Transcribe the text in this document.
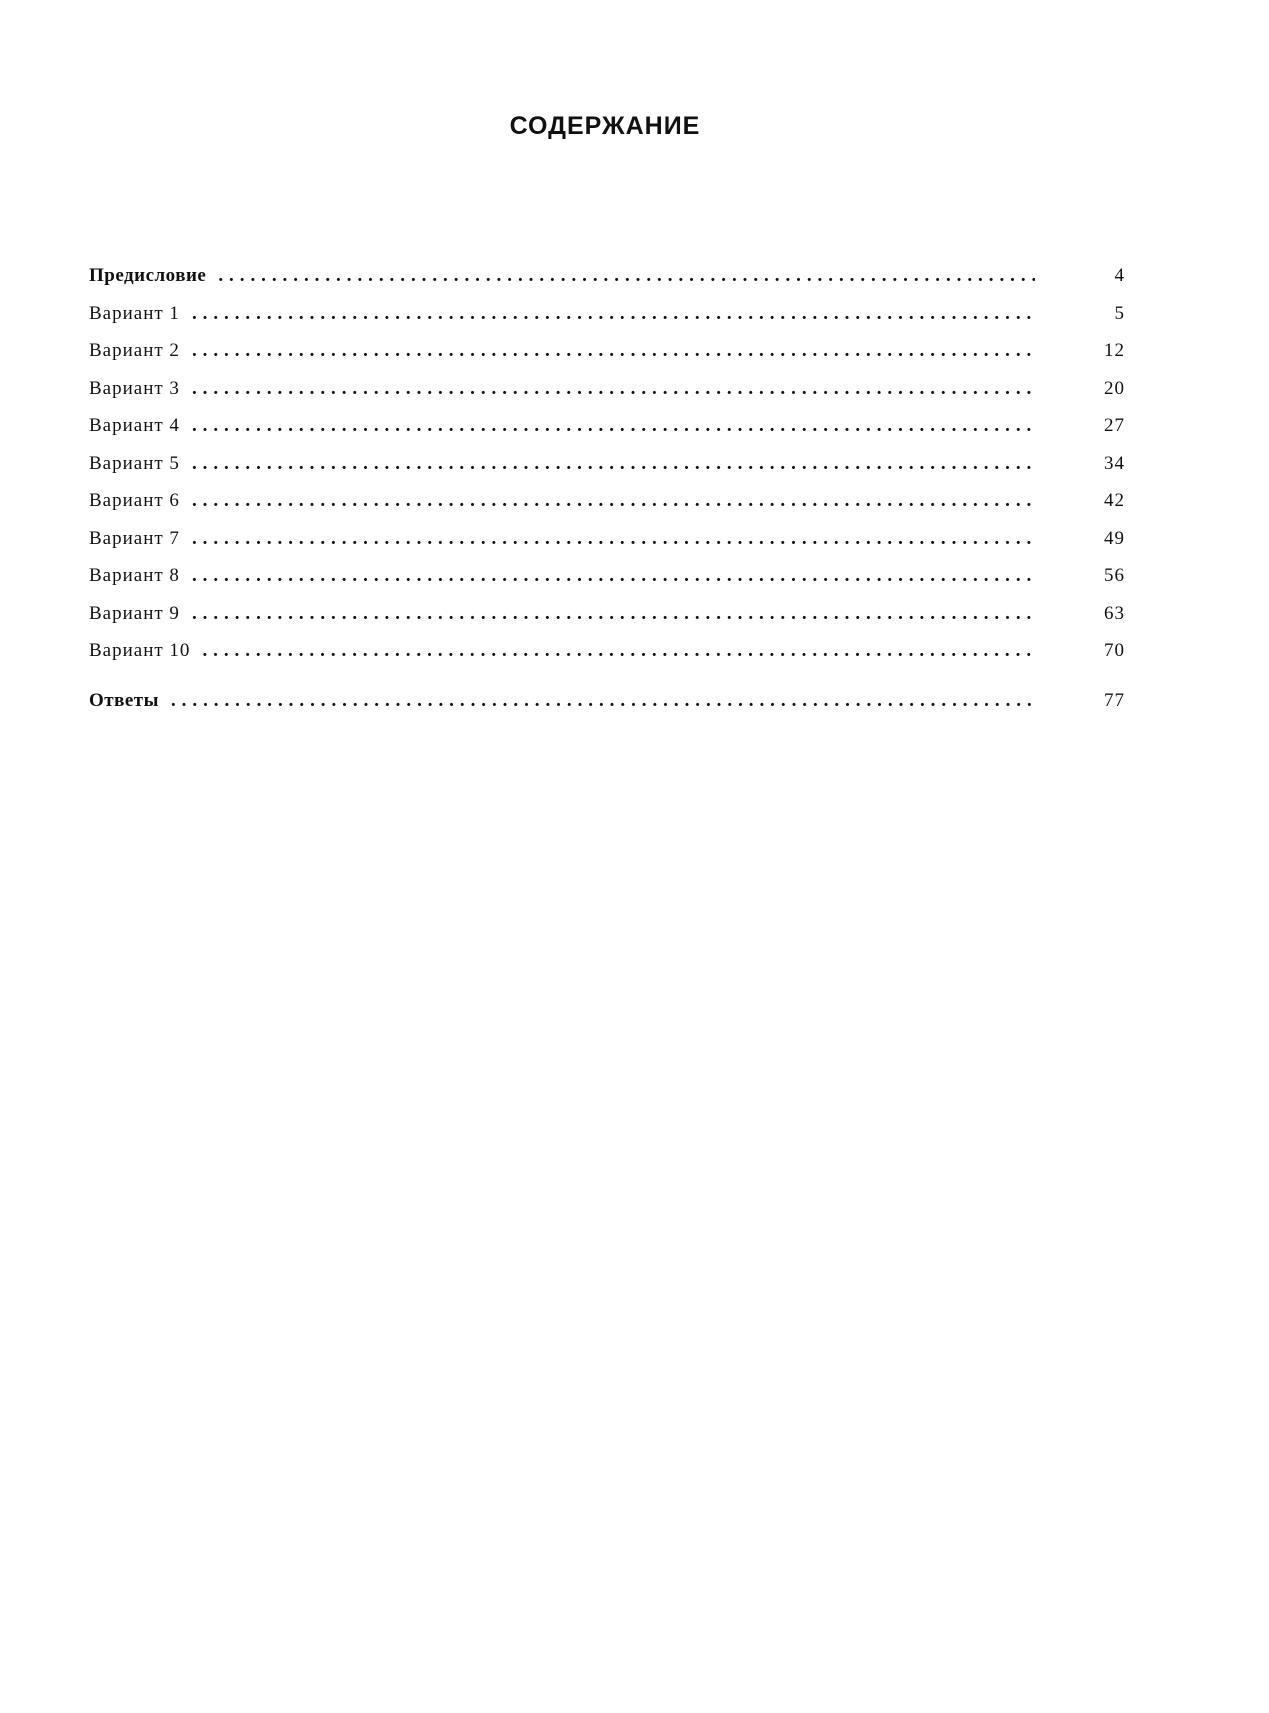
СОДЕРЖАНИЕ
Предисловие . . .	4
Вариант 1 . . .	5
Вариант 2 . . .	12
Вариант 3 . . .	20
Вариант 4 . . .	27
Вариант 5 . . .	34
Вариант 6 . . .	42
Вариант 7 . . .	49
Вариант 8 . . .	56
Вариант 9 . . .	63
Вариант 10 . . .	70
Ответы . . .	77
